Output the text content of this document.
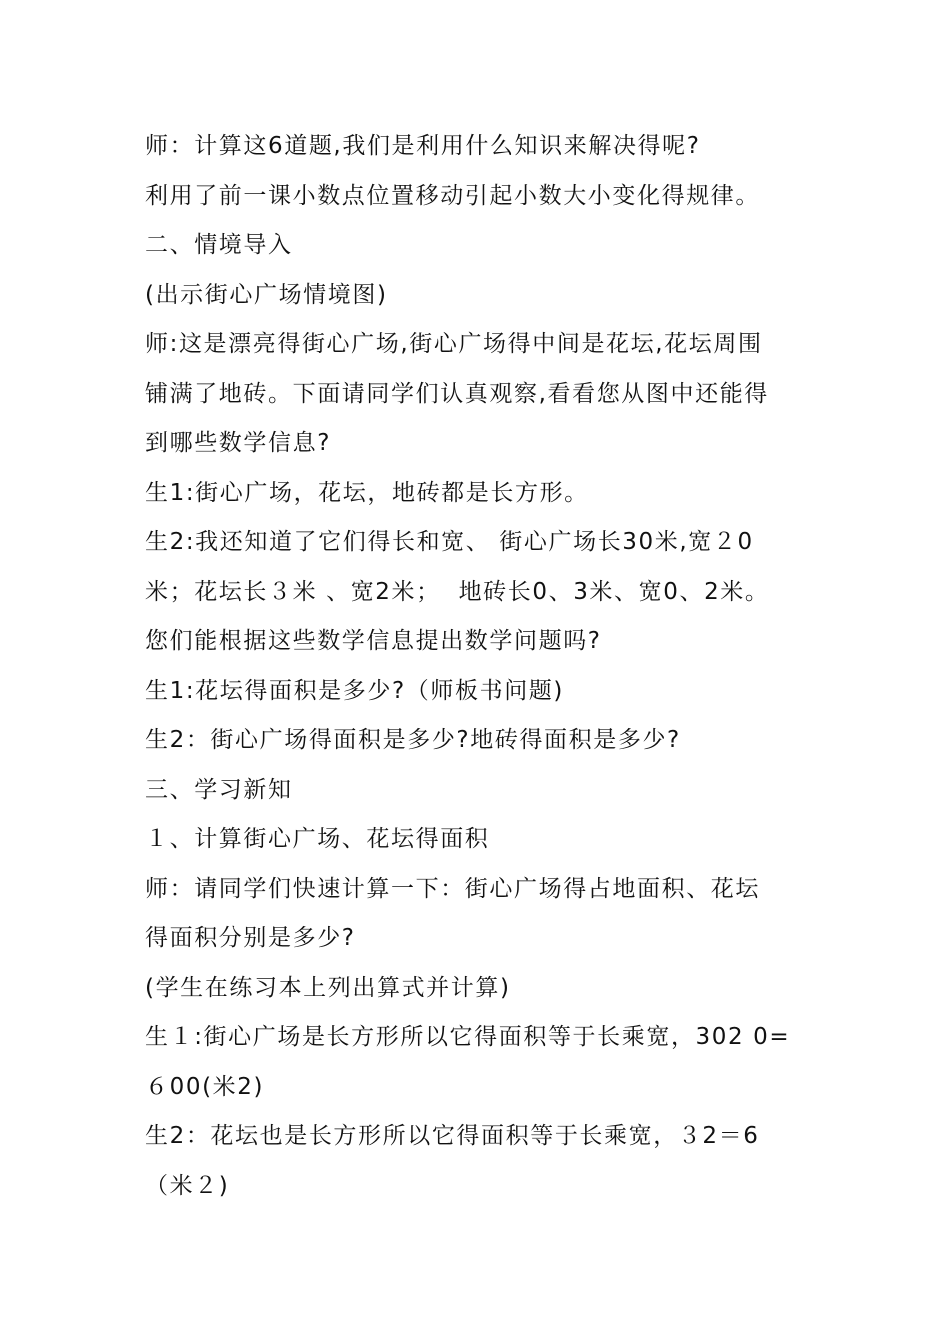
师：计算这6道题,我们是利用什么知识来解决得呢?
利用了前一课小数点位置移动引起小数大小变化得规律。
二、情境导入
(出示街心广场情境图)
师:这是漂亮得街心广场,街心广场得中间是花坛,花坛周围
铺满了地砖。下面请同学们认真观察,看看您从图中还能得
到哪些数学信息?
生1:街心广场，花坛，地砖都是长方形。
生2:我还知道了它们得长和宽、 街心广场长30米,宽２0
米；花坛长３米 、宽2米；  地砖长0、3米、宽0、2米。
您们能根据这些数学信息提出数学问题吗?
生1:花坛得面积是多少?（师板书问题)
生2：街心广场得面积是多少?地砖得面积是多少?
三、学习新知
１、计算街心广场、花坛得面积
师：请同学们快速计算一下：街心广场得占地面积、花坛
得面积分别是多少?
(学生在练习本上列出算式并计算)
生１:街心广场是长方形所以它得面积等于长乘宽，302 0=
６00(米2)
生2：花坛也是长方形所以它得面积等于长乘宽，３2＝6
（米２)
